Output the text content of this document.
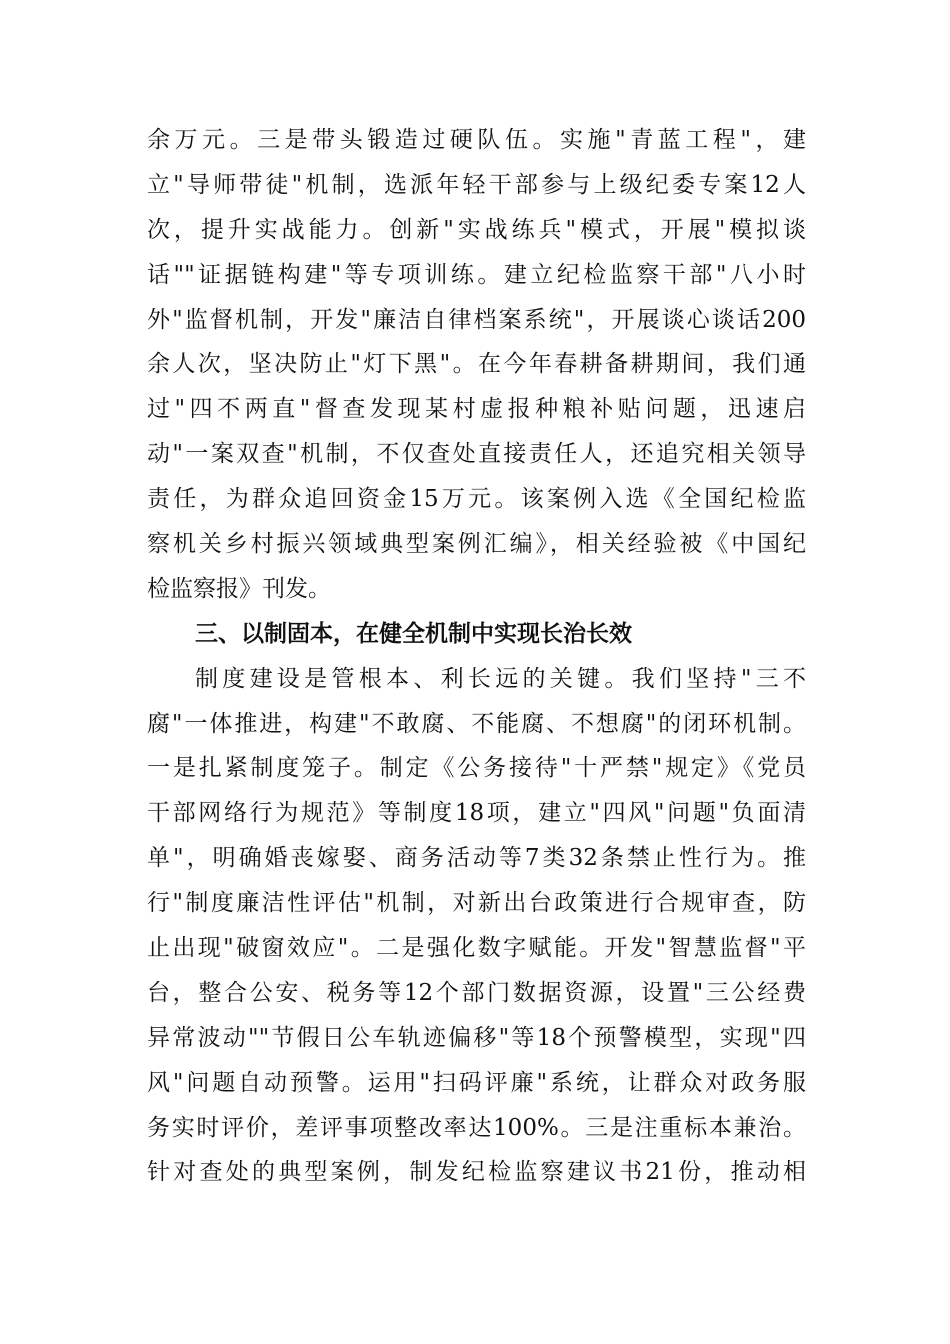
余万元。三是带头锻造过硬队伍。实施"青蓝工程"，建
立"导师带徒"机制，选派年轻干部参与上级纪委专案12人
次，提升实战能力。创新"实战练兵"模式，开展"模拟谈
话""证据链构建"等专项训练。建立纪检监察干部"八小时
外"监督机制，开发"廉洁自律档案系统"，开展谈心谈话200
余人次，坚决防止"灯下黑"。在今年春耕备耕期间，我们通
过"四不两直"督查发现某村虚报种粮补贴问题，迅速启
动"一案双查"机制，不仅查处直接责任人，还追究相关领导
责任，为群众追回资金15万元。该案例入选《全国纪检监
察机关乡村振兴领域典型案例汇编》，相关经验被《中国纪
检监察报》刊发。
三、以制固本，在健全机制中实现长治长效
制度建设是管根本、利长远的关键。我们坚持"三不
腐"一体推进，构建"不敢腐、不能腐、不想腐"的闭环机制。
一是扎紧制度笼子。制定《公务接待"十严禁"规定》《党员
干部网络行为规范》等制度18项，建立"四风"问题"负面清
单"，明确婚丧嫁娶、商务活动等7类32条禁止性行为。推
行"制度廉洁性评估"机制，对新出台政策进行合规审查，防
止出现"破窗效应"。二是强化数字赋能。开发"智慧监督"平
台，整合公安、税务等12个部门数据资源，设置"三公经费
异常波动""节假日公车轨迹偏移"等18个预警模型，实现"四
风"问题自动预警。运用"扫码评廉"系统，让群众对政务服
务实时评价，差评事项整改率达100%。三是注重标本兼治。
针对查处的典型案例，制发纪检监察建议书21份，推动相
